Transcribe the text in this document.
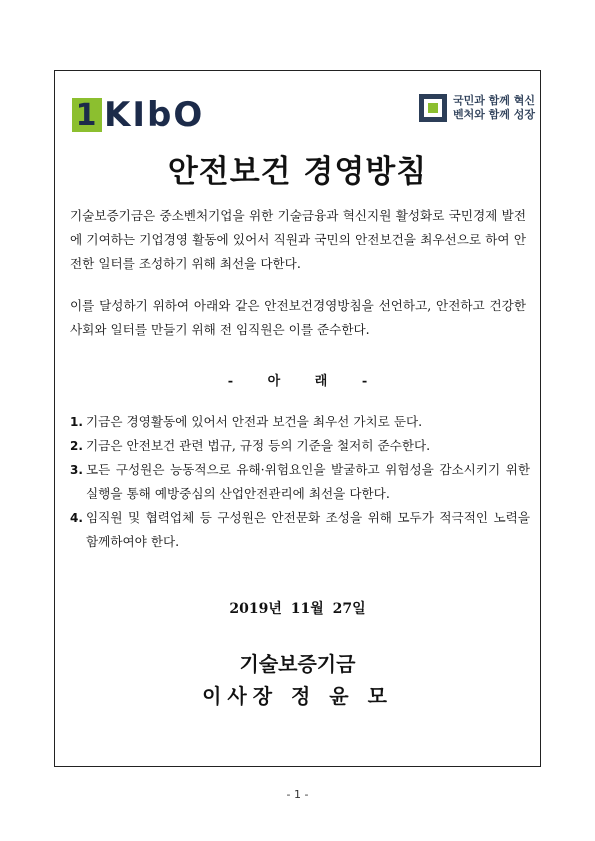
1 KIbO	국민과 함께 혁신
벤처와 함께 성장
안전보건 경영방침

기술보증기금은 중소벤처기업을 위한 기술금융과 혁신지원 활성화로 국민경제 발전에 기여하는 기업경영 활동에 있어서 직원과 국민의 안전보건을 최우선으로 하여 안전한 일터를 조성하기 위해 최선을 다한다.

이를 달성하기 위하여 아래와 같은 안전보건경영방침을 선언하고, 안전하고 건강한 사회와 일터를 만들기 위해 전 임직원은 이를 준수한다.

- 아 래 -
1. 기금은 경영활동에 있어서 안전과 보건을 최우선 가치로 둔다.
2. 기금은 안전보건 관련 법규, 규정 등의 기준을 철저히 준수한다.
3. 모든 구성원은 능동적으로 유해·위험요인을 발굴하고 위험성을 감소시키기 위한 실행을 통해 예방중심의 산업안전관리에 최선을 다한다.
4. 임직원 및 협력업체 등 구성원은 안전문화 조성을 위해 모두가 적극적인 노력을 함께하여야 한다.
2019년 11월 27일
기술보증기금
이사장 정 윤 모
- 1 -
